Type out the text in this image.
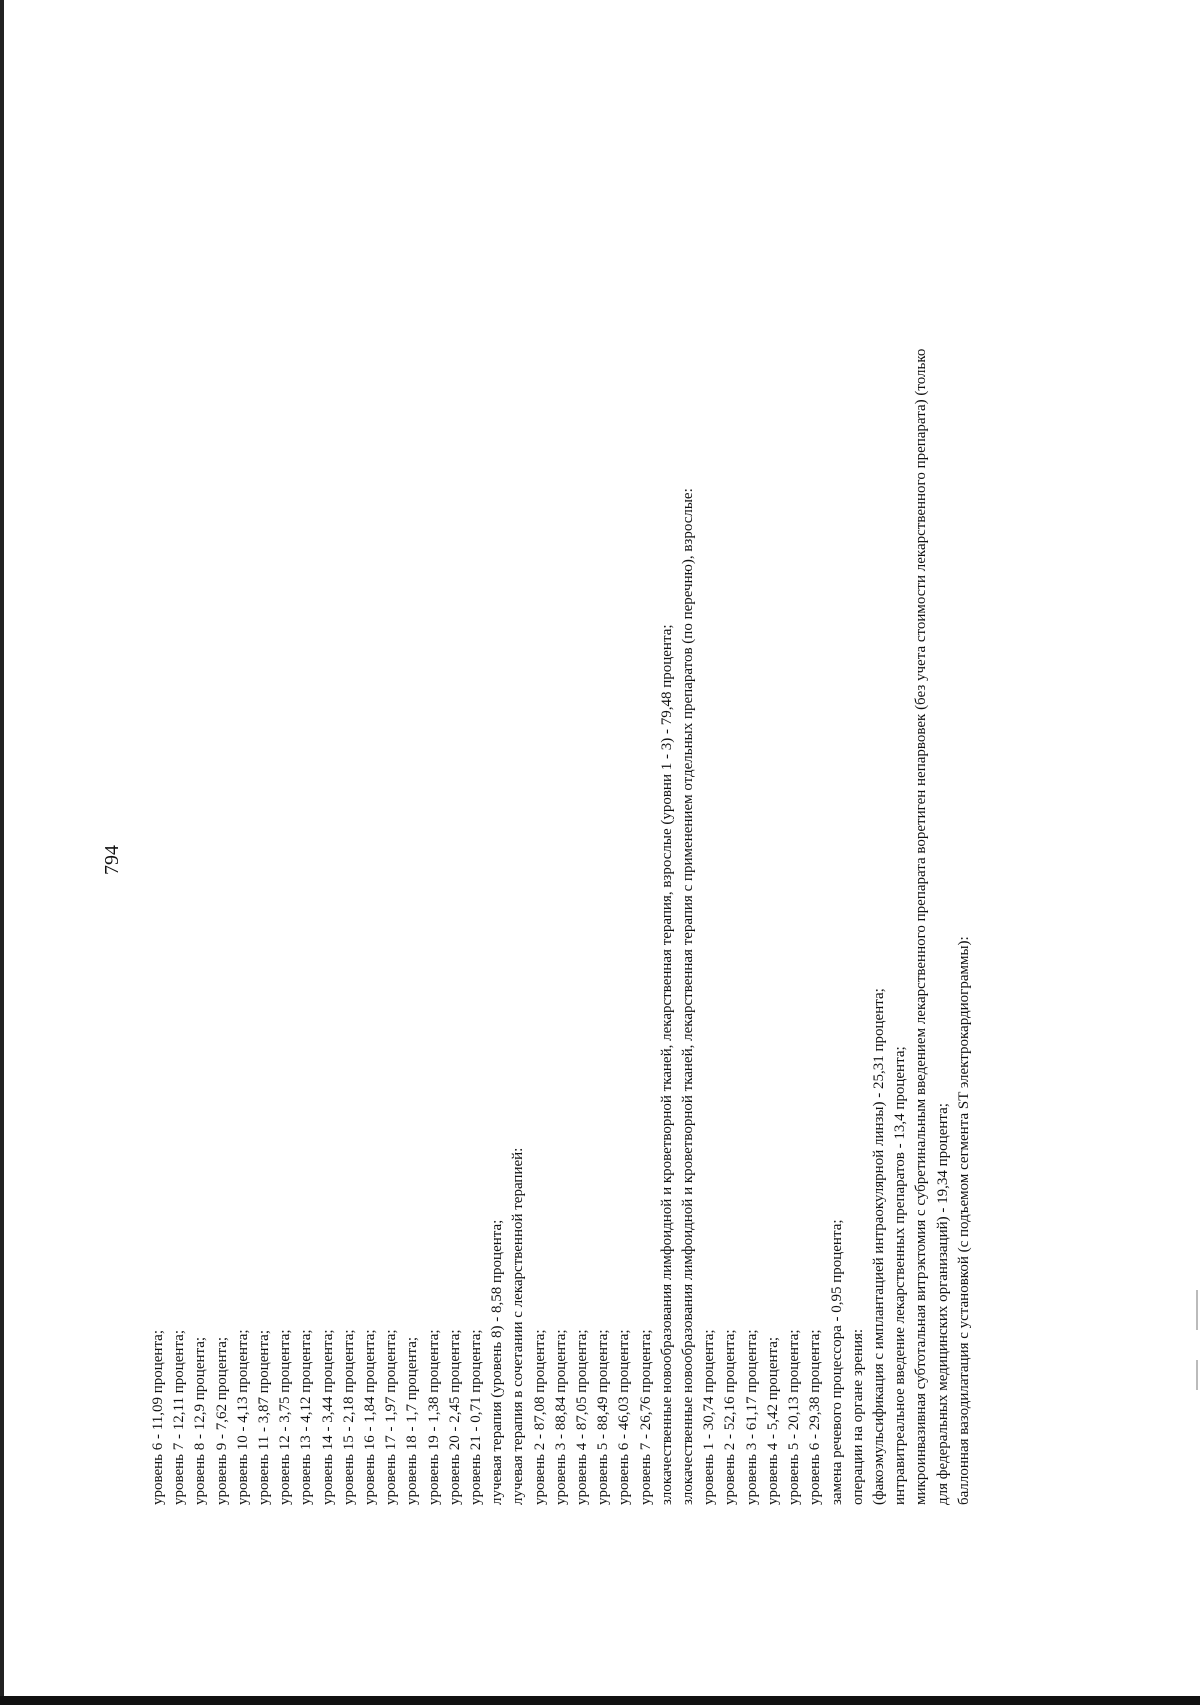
794
уровень 6 - 11,09 процента; уровень 7 - 12,11 процента; уровень 8 - 12,9 процента; уровень 9 - 7,62 процента; уровень 10 - 4,13 процента; уровень 11 - 3,87 процента; уровень 12 - 3,75 процента; уровень 13 - 4,12 процента; уровень 14 - 3,44 процента; уровень 15 - 2,18 процента; уровень 16 - 1,84 процента; уровень 17 - 1,97 процента; уровень 18 - 1,7 процента; уровень 19 - 1,38 процента; уровень 20 - 2,45 процента; уровень 21 - 0,71 процента; лучевая терапия (уровень 8) - 8,58 процента; лучевая терапия в сочетании с лекарственной терапией: уровень 2 - 87,08 процента; уровень 3 - 88,84 процента; уровень 4 - 87,05 процента; уровень 5 - 88,49 процента; уровень 6 - 46,03 процента; уровень 7 - 26,76 процента; злокачественные новообразования лимфоидной и кроветворной тканей, лекарственная терапия, взрослые (уровни 1 - 3) - 79,48 процента; злокачественные новообразования лимфоидной и кроветворной тканей, лекарственная терапия с применением отдельных препаратов (по перечню), взрослые: уровень 1 - 30,74 процента; уровень 2 - 52,16 процента; уровень 3 - 61,17 процента; уровень 4 - 5,42 процента; уровень 5 - 20,13 процента; уровень 6 - 29,38 процента; замена речевого процессора - 0,95 процента; операции на органе зрения: (факоэмульсификация с имплантацией интраокулярной линзы) - 25,31 процента; интравитреальное введение лекарственных препаратов - 13,4 процента; микроинвазивная субтотальная витрэктомия с субретинальным введением лекарственного препарата воретиген непарвовек (без учета стоимости лекарственного препарата) (только для федеральных медицинских организаций) - 19,34 процента; баллонная вазодилатация с установкой (с подъемом сегмента ST электрокардиограммы):
